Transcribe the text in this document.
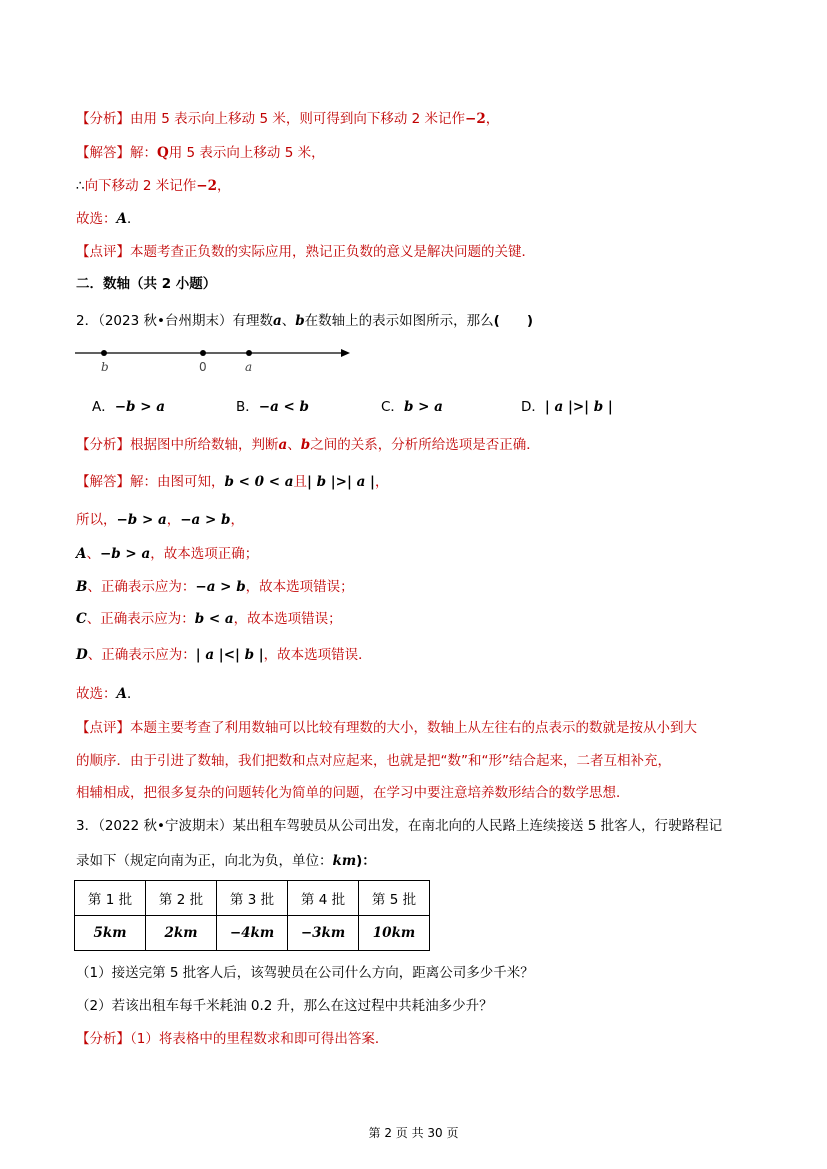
【分析】由用 5 表示向上移动 5 米，则可得到向下移动 2 米记作−2，
【解答】解：Q用 5 表示向上移动 5 米，
∴向下移动 2 米记作−2，
故选：A．
【点评】本题考查正负数的实际应用，熟记正负数的意义是解决问题的关键．
二．数轴（共 2 小题）
2．（2023 秋•台州期末）有理数a、b在数轴上的表示如图所示，那么(　　)
b	0	a
A．−b > a	B．−a < b	C．b > a	D．| a |>| b |
【分析】根据图中所给数轴，判断a、b之间的关系，分析所给选项是否正确．
【解答】解：由图可知，b < 0 < a且| b |>| a |，
所以，−b > a，−a > b，
A、−b > a，故本选项正确；
B、正确表示应为：−a > b，故本选项错误；
C、正确表示应为：b < a，故本选项错误；
D、正确表示应为：| a |<| b |，故本选项错误．
故选：A．
【点评】本题主要考查了利用数轴可以比较有理数的大小，数轴上从左往右的点表示的数就是按从小到大
的顺序．由于引进了数轴，我们把数和点对应起来，也就是把“数”和“形”结合起来，二者互相补充，
相辅相成，把很多复杂的问题转化为简单的问题，在学习中要注意培养数形结合的数学思想．
3．（2022 秋•宁波期末）某出租车驾驶员从公司出发，在南北向的人民路上连续接送 5 批客人，行驶路程记
录如下（规定向南为正，向北为负，单位：km)：
第 1 批	第 2 批	第 3 批	第 4 批	第 5 批
5km	2km	−4km	−3km	10km
（1）接送完第 5 批客人后，该驾驶员在公司什么方向，距离公司多少千米？
（2）若该出租车每千米耗油 0.2 升，那么在这过程中共耗油多少升？
【分析】（1）将表格中的里程数求和即可得出答案．
第 2 页 共 30 页
